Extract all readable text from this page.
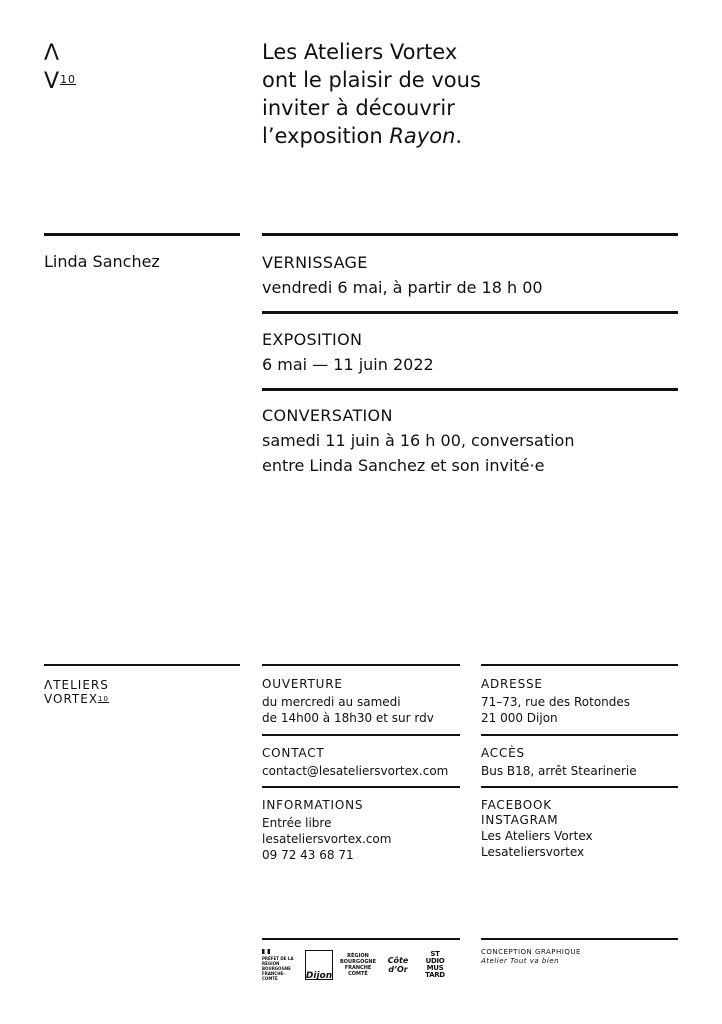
Λ
$V^{10}$
Les Ateliers Vortex
ont le plaisir de vous
inviter à découvrir
l’exposition Rayon.
Linda Sanchez	VERNISSAGE
vendredi 6 mai, à partir de 18 h 00
EXPOSITION
6 mai — 11 juin 2022
CONVERSATION
samedi 11 juin à 16 h 00, conversation
entre Linda Sanchez et son invité·e
ΛTELIERS
VORTEX$^{10}$
OUVERTURE
du mercredi au samedi
de 14h00 à 18h30 et sur rdv
CONTACT
contact@lesateliersvortex.com
INFORMATIONS
Entrée libre
lesateliersvortex.com
09 72 43 68 71
ADRESSE
71–73, rue des Rotondes
21 000 Dijon
ACCÈS
Bus B18, arrêt Stearinerie
FACEBOOK
INSTAGRAM
Les Ateliers Vortex
Lesateliersvortex
PRÉFET DE LA RÉGION BOURGOGNE FRANCHE-COMTÉ	Dijon
RÉGION BOURGOGNE FRANCHE COMTÉ
Côte d’Or
ST UDIO MUS TARD
CONCEPTION GRAPHIQUE
Atelier Tout va bien
